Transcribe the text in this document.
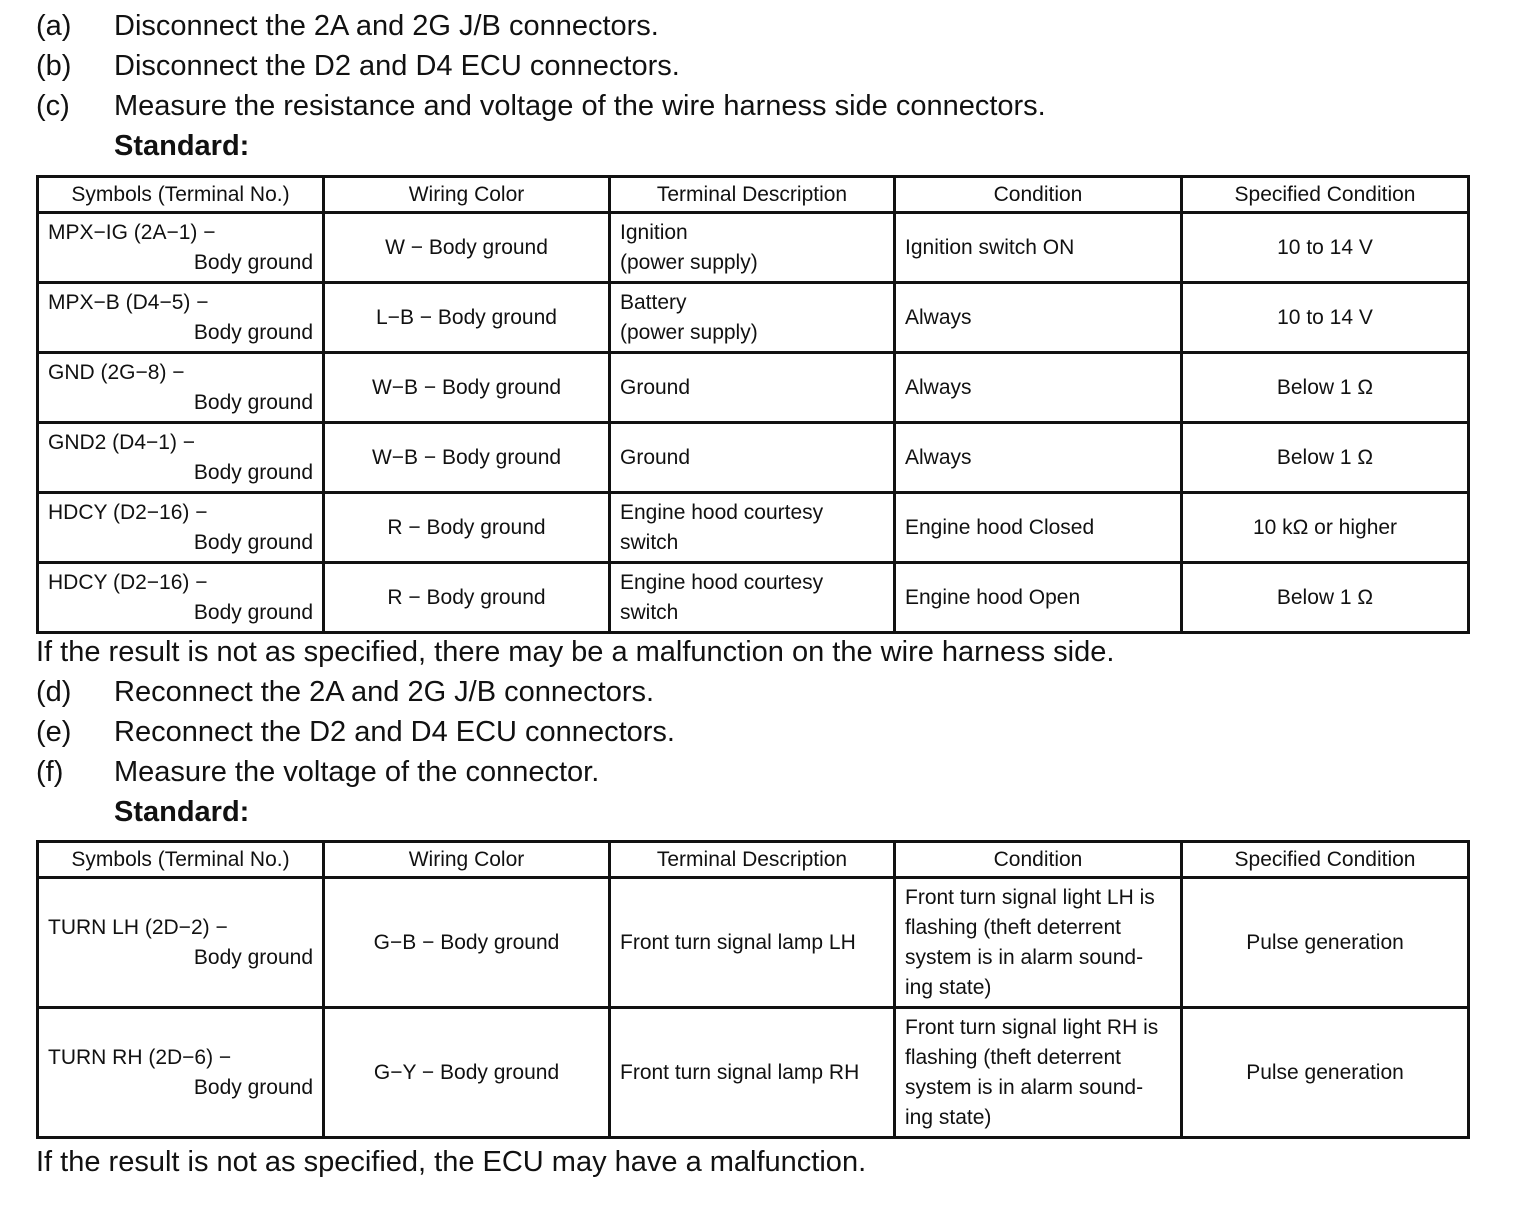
(a) Disconnect the 2A and 2G J/B connectors.
(b) Disconnect the D2 and D4 ECU connectors.
(c) Measure the resistance and voltage of the wire harness side connectors.
Standard:
Symbols (Terminal No.)	Wiring Color	Terminal Description	Condition	Specified Condition

MPX−IG (2A−1) −
Body ground	W − Body ground	Ignition
(power supply)	Ignition switch ON	10 to 14 V

MPX−B (D4−5) −
Body ground	L−B − Body ground	Battery
(power supply)	Always	10 to 14 V

GND (2G−8) −
Body ground	W−B − Body ground	Ground	Always	Below 1 Ω

GND2 (D4−1) −
Body ground	W−B − Body ground	Ground	Always	Below 1 Ω

HDCY (D2−16) −
Body ground	R − Body ground	Engine hood courtesy
switch	Engine hood Closed	10 kΩ or higher

HDCY (D2−16) −
Body ground	R − Body ground	Engine hood courtesy
switch	Engine hood Open	Below 1 Ω
If the result is not as specified, there may be a malfunction on the wire harness side.
(d) Reconnect the 2A and 2G J/B connectors.
(e) Reconnect the D2 and D4 ECU connectors.
(f) Measure the voltage of the connector.
Standard:
Symbols (Terminal No.)	Wiring Color	Terminal Description	Condition	Specified Condition

TURN LH (2D−2) −
Body ground	G−B − Body ground	Front turn signal lamp LH	Front turn signal light LH is
flashing (theft deterrent
system is in alarm sound-
ing state)	Pulse generation

TURN RH (2D−6) −
Body ground	G−Y − Body ground	Front turn signal lamp RH	Front turn signal light RH is
flashing (theft deterrent
system is in alarm sound-
ing state)	Pulse generation
If the result is not as specified, the ECU may have a malfunction.
